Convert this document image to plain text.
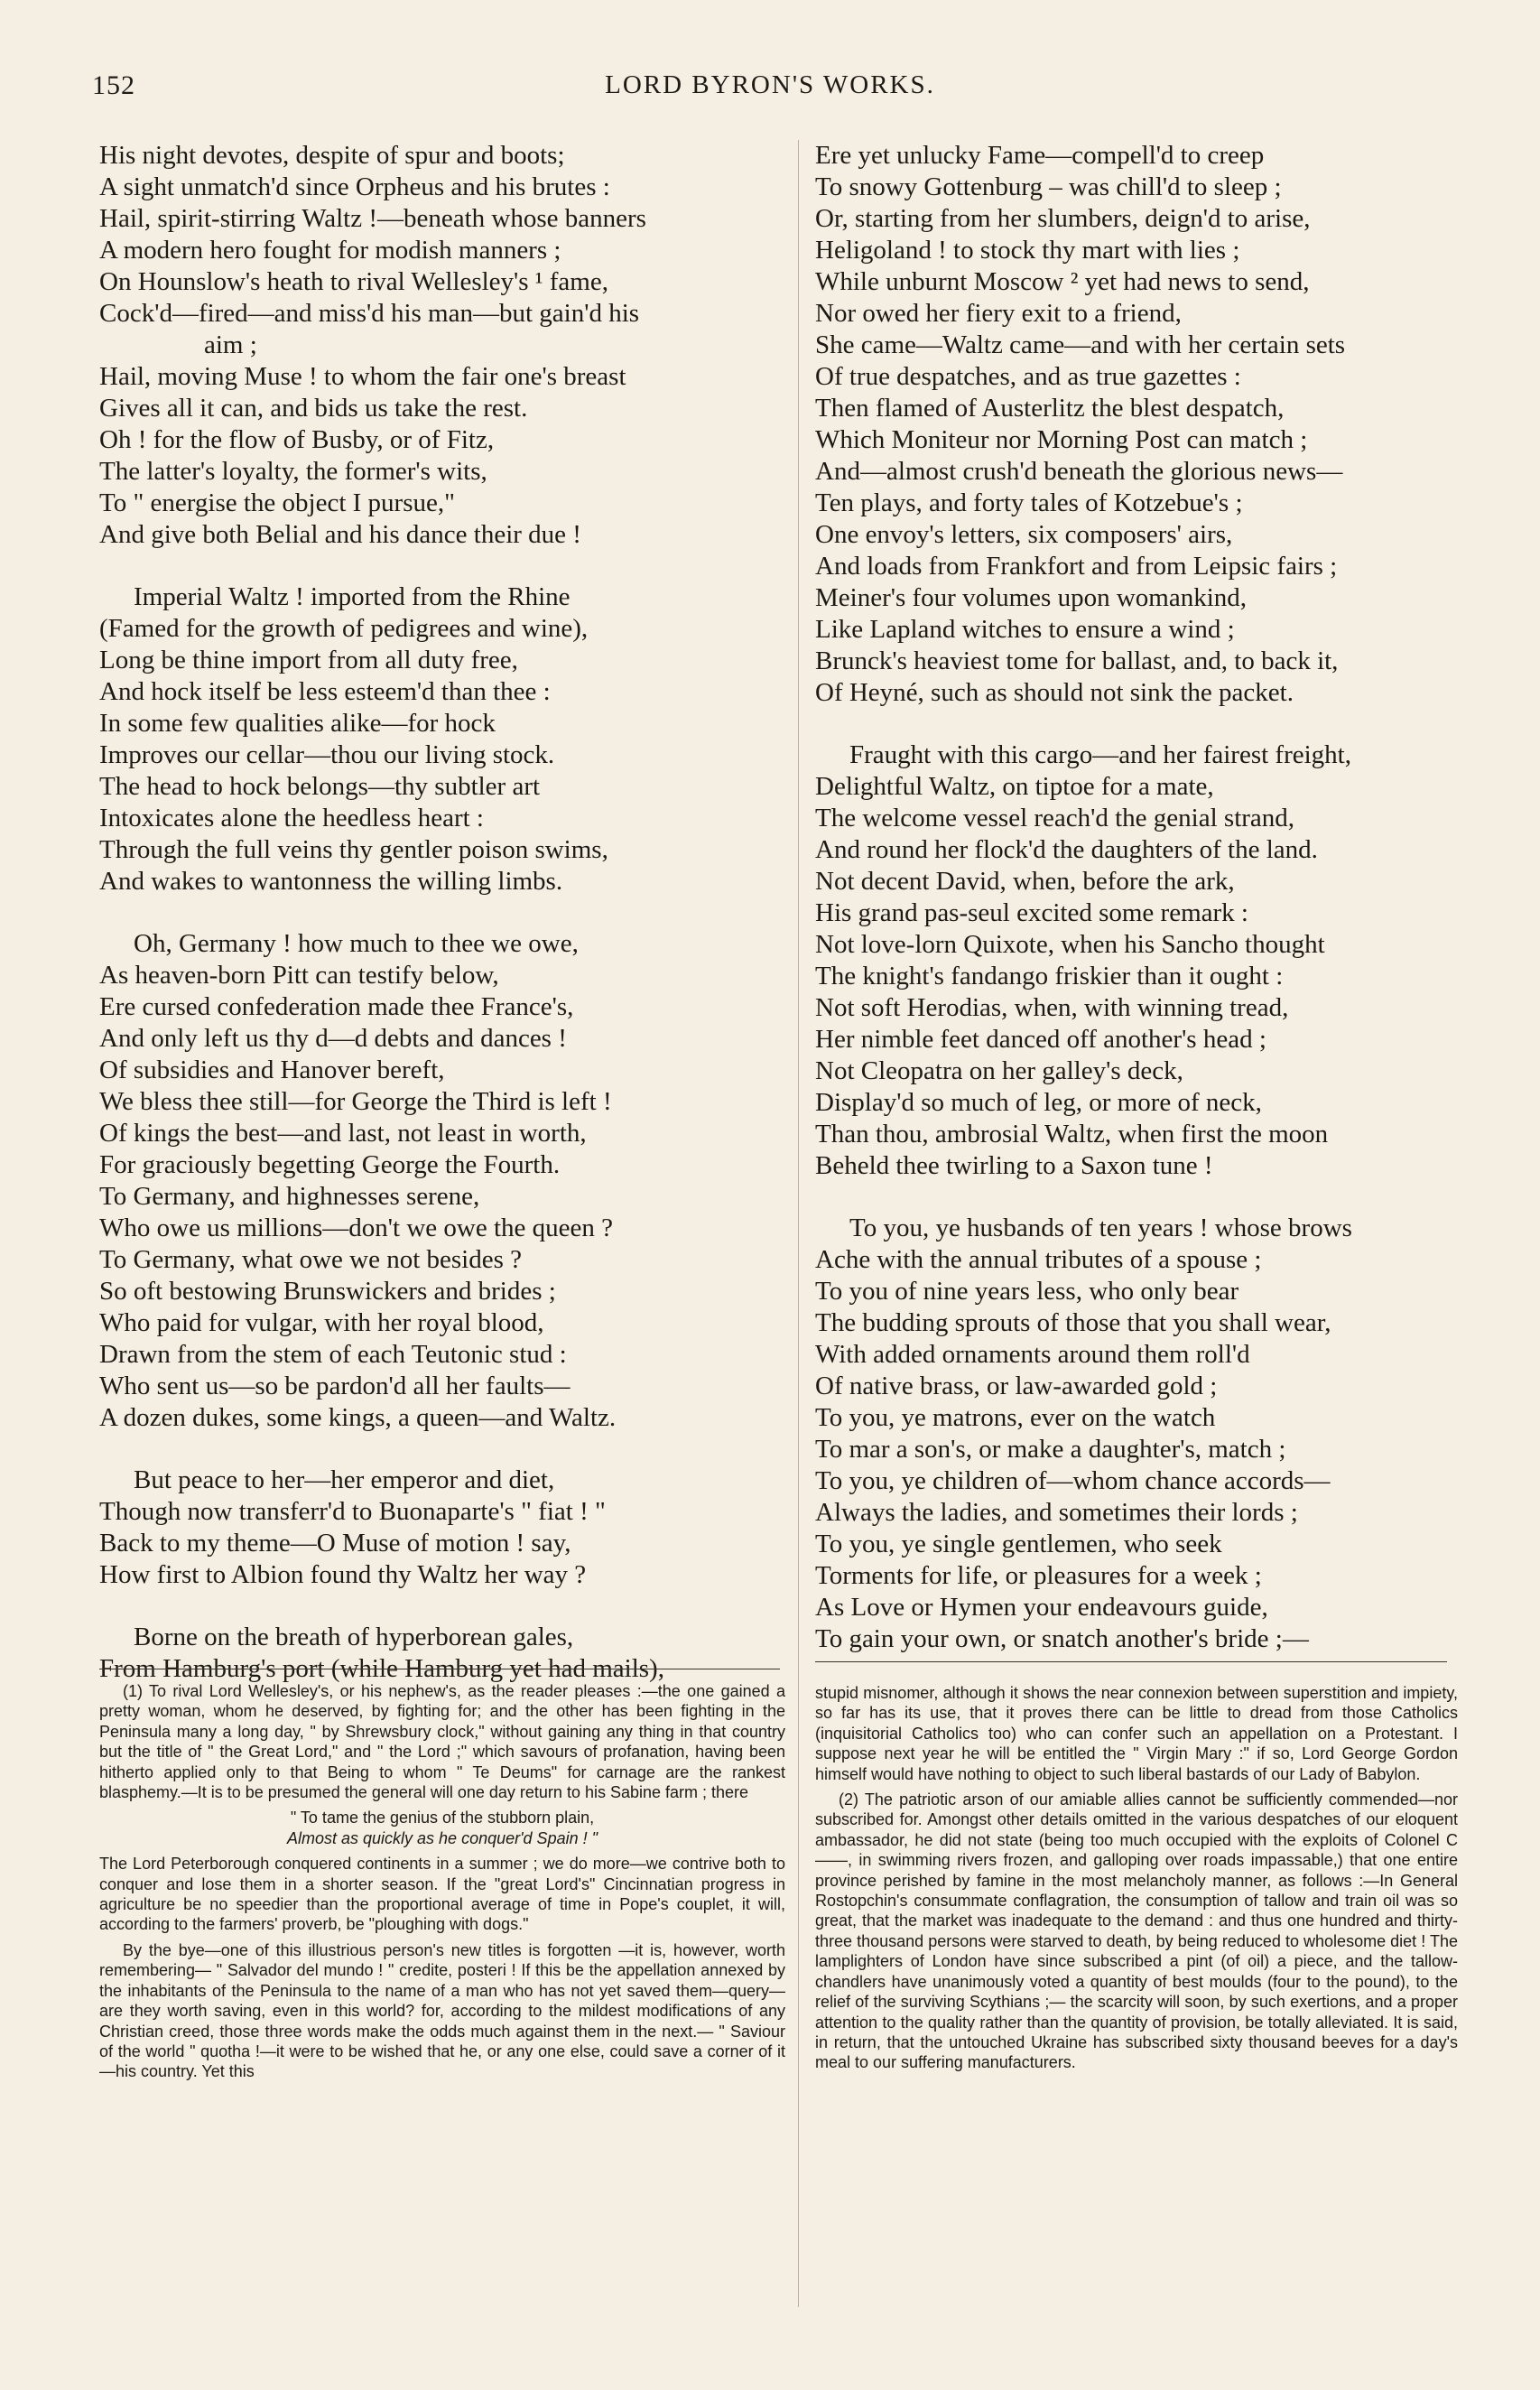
152	LORD BYRON'S WORKS.
His night devotes, despite of spur and boots;
A sight unmatch'd since Orpheus and his brutes :
Hail, spirit-stirring Waltz !—beneath whose banners
A modern hero fought for modish manners ;
On Hounslow's heath to rival Wellesley's ¹ fame,
Cock'd—fired—and miss'd his man—but gain'd his
aim ;
Hail, moving Muse ! to whom the fair one's breast
Gives all it can, and bids us take the rest.
Oh ! for the flow of Busby, or of Fitz,
The latter's loyalty, the former's wits,
To " energise the object I pursue,"
And give both Belial and his dance their due !
Imperial Waltz ! imported from the Rhine
(Famed for the growth of pedigrees and wine),
Long be thine import from all duty free,
And hock itself be less esteem'd than thee :
In some few qualities alike—for hock
Improves our cellar—thou our living stock.
The head to hock belongs—thy subtler art
Intoxicates alone the heedless heart :
Through the full veins thy gentler poison swims,
And wakes to wantonness the willing limbs.
Oh, Germany ! how much to thee we owe,
As heaven-born Pitt can testify below,
Ere cursed confederation made thee France's,
And only left us thy d—d debts and dances !
Of subsidies and Hanover bereft,
We bless thee still—for George the Third is left !
Of kings the best—and last, not least in worth,
For graciously begetting George the Fourth.
To Germany, and highnesses serene,
Who owe us millions—don't we owe the queen ?
To Germany, what owe we not besides ?
So oft bestowing Brunswickers and brides ;
Who paid for vulgar, with her royal blood,
Drawn from the stem of each Teutonic stud :
Who sent us—so be pardon'd all her faults—
A dozen dukes, some kings, a queen—and Waltz.
But peace to her—her emperor and diet,
Though now transferr'd to Buonaparte's " fiat ! "
Back to my theme—O Muse of motion ! say,
How first to Albion found thy Waltz her way ?
Borne on the breath of hyperborean gales,
From Hamburg's port (while Hamburg yet had mails),
Ere yet unlucky Fame—compell'd to creep
To snowy Gottenburg – was chill'd to sleep ;
Or, starting from her slumbers, deign'd to arise,
Heligoland ! to stock thy mart with lies ;
While unburnt Moscow ² yet had news to send,
Nor owed her fiery exit to a friend,
She came—Waltz came—and with her certain sets
Of true despatches, and as true gazettes :
Then flamed of Austerlitz the blest despatch,
Which Moniteur nor Morning Post can match ;
And—almost crush'd beneath the glorious news—
Ten plays, and forty tales of Kotzebue's ;
One envoy's letters, six composers' airs,
And loads from Frankfort and from Leipsic fairs ;
Meiner's four volumes upon womankind,
Like Lapland witches to ensure a wind ;
Brunck's heaviest tome for ballast, and, to back it,
Of Heyné, such as should not sink the packet.
Fraught with this cargo—and her fairest freight,
Delightful Waltz, on tiptoe for a mate,
The welcome vessel reach'd the genial strand,
And round her flock'd the daughters of the land.
Not decent David, when, before the ark,
His grand pas-seul excited some remark :
Not love-lorn Quixote, when his Sancho thought
The knight's fandango friskier than it ought :
Not soft Herodias, when, with winning tread,
Her nimble feet danced off another's head ;
Not Cleopatra on her galley's deck,
Display'd so much of leg, or more of neck,
Than thou, ambrosial Waltz, when first the moon
Beheld thee twirling to a Saxon tune !
To you, ye husbands of ten years ! whose brows
Ache with the annual tributes of a spouse ;
To you of nine years less, who only bear
The budding sprouts of those that you shall wear,
With added ornaments around them roll'd
Of native brass, or law-awarded gold ;
To you, ye matrons, ever on the watch
To mar a son's, or make a daughter's, match ;
To you, ye children of—whom chance accords—
Always the ladies, and sometimes their lords ;
To you, ye single gentlemen, who seek
Torments for life, or pleasures for a week ;
As Love or Hymen your endeavours guide,
To gain your own, or snatch another's bride ;—

(1) To rival Lord Wellesley's, or his nephew's, as the reader pleases :—the one gained a pretty woman, whom he deserved, by fighting for; and the other has been fighting in the Peninsula many a long day, " by Shrewsbury clock," without gaining any thing in that country but the title of " the Great Lord," and " the Lord ;" which savours of profanation, having been hitherto applied only to that Being to whom " Te Deums" for carnage are the rankest blasphemy.—It is to be presumed the general will one day return to his Sabine farm ; there

" To tame the genius of the stubborn plain,

Almost as quickly as he conquer'd Spain ! "

The Lord Peterborough conquered continents in a summer ; we do more—we contrive both to conquer and lose them in a shorter season. If the "great Lord's" Cincinnatian progress in agriculture be no speedier than the proportional average of time in Pope's couplet, it will, according to the farmers' proverb, be "ploughing with dogs."

By the bye—one of this illustrious person's new titles is forgotten —it is, however, worth remembering— " Salvador del mundo ! " credite, posteri ! If this be the appellation annexed by the inhabitants of the Peninsula to the name of a man who has not yet saved them—query—are they worth saving, even in this world? for, according to the mildest modifications of any Christian creed, those three words make the odds much against them in the next.— " Saviour of the world " quotha !—it were to be wished that he, or any one else, could save a corner of it—his country. Yet this

stupid misnomer, although it shows the near connexion between superstition and impiety, so far has its use, that it proves there can be little to dread from those Catholics (inquisitorial Catholics too) who can confer such an appellation on a Protestant. I suppose next year he will be entitled the " Virgin Mary :" if so, Lord George Gordon himself would have nothing to object to such liberal bastards of our Lady of Babylon.

(2) The patriotic arson of our amiable allies cannot be sufficiently commended—nor subscribed for. Amongst other details omitted in the various despatches of our eloquent ambassador, he did not state (being too much occupied with the exploits of Colonel C——, in swimming rivers frozen, and galloping over roads impassable,) that one entire province perished by famine in the most melancholy manner, as follows :—In General Rostopchin's consummate conflagration, the consumption of tallow and train oil was so great, that the market was inadequate to the demand : and thus one hundred and thirty-three thousand persons were starved to death, by being reduced to wholesome diet ! The lamplighters of London have since subscribed a pint (of oil) a piece, and the tallow-chandlers have unanimously voted a quantity of best moulds (four to the pound), to the relief of the surviving Scythians ;— the scarcity will soon, by such exertions, and a proper attention to the quality rather than the quantity of provision, be totally alleviated. It is said, in return, that the untouched Ukraine has subscribed sixty thousand beeves for a day's meal to our suffering manufacturers.
